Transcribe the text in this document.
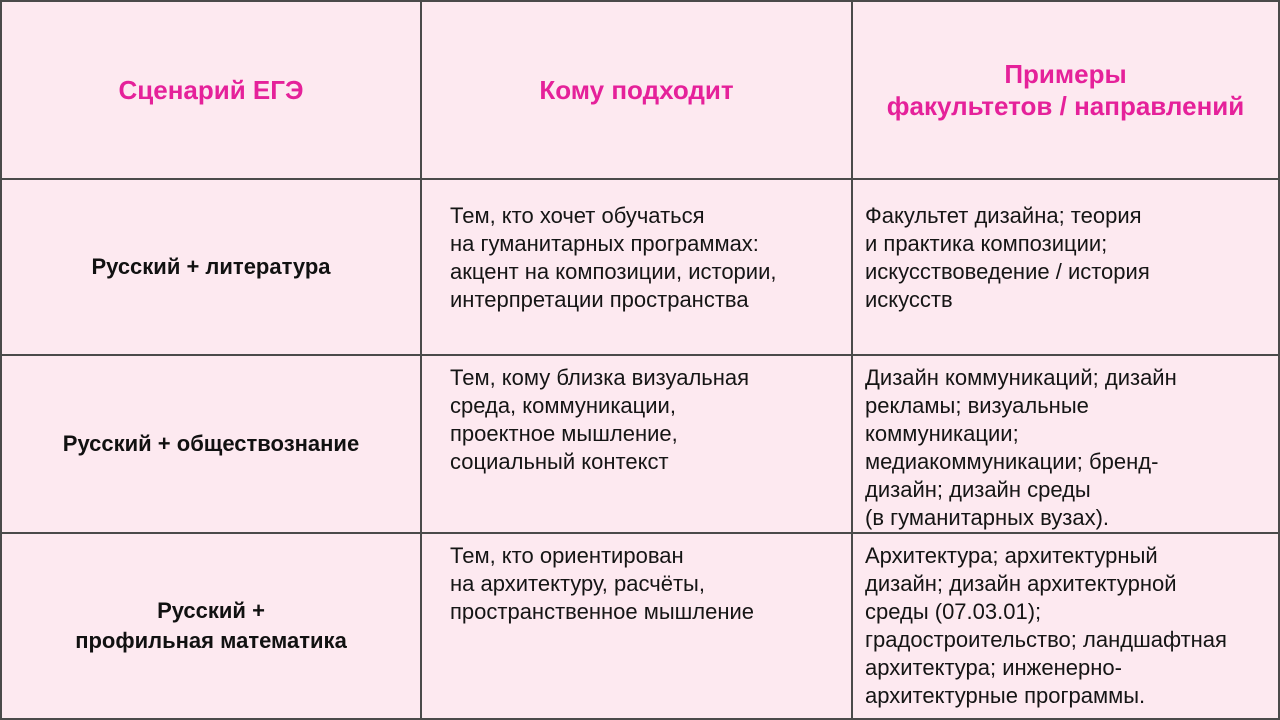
Сценарий ЕГЭ	Кому подходит
Примеры
факультетов / направлений
Русский + литература
Тем, кто хочет обучаться
на гуманитарных программах:
акцент на композиции, истории,
интерпретации пространства
Факультет дизайна; теория
и практика композиции;
искусствоведение / история
искусств
Русский + обществознание
Тем, кому близка визуальная
среда, коммуникации,
проектное мышление,
социальный контекст
Дизайн коммуникаций; дизайн
рекламы; визуальные
коммуникации;
медиакоммуникации; бренд-
дизайн; дизайн среды
(в гуманитарных вузах).
Русский +
профильная математика
Тем, кто ориентирован
на архитектуру, расчёты,
пространственное мышление
Архитектура; архитектурный
дизайн; дизайн архитектурной
среды (07.03.01);
градостроительство; ландшафтная
архитектура; инженерно-
архитектурные программы.
